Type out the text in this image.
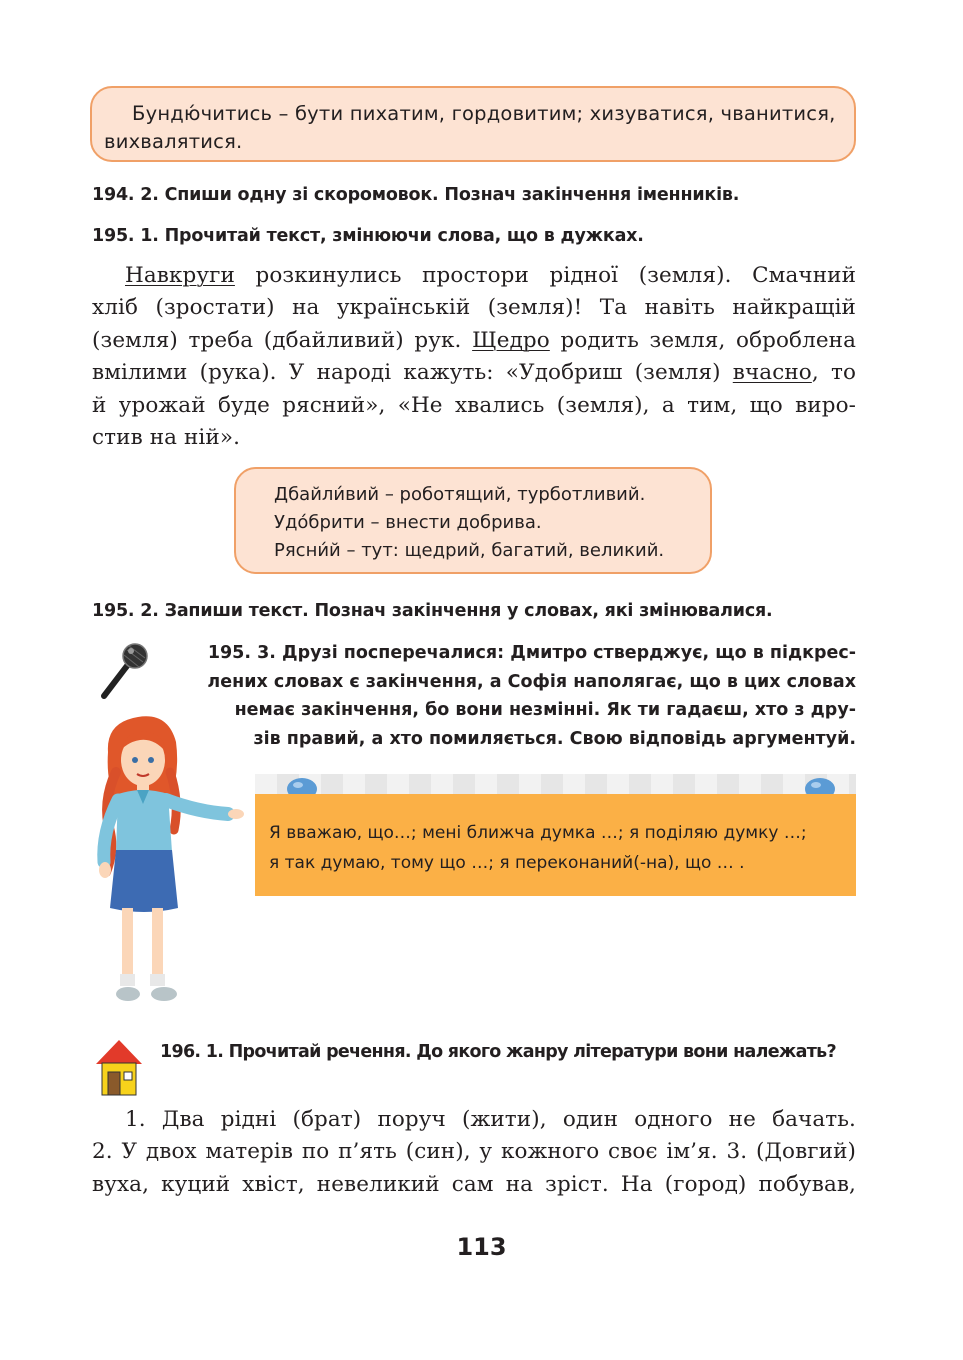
Бундю́читись – бути пихатим, гордовитим; хизуватися, чванитися,
вихвалятися.
194. 2. Спиши одну зі скоромовок. Познач закінчення іменників.
195. 1. Прочитай текст, змінюючи слова, що в дужках.
Навкруги розкинулись простори рідної (земля). Смачний
хліб (зростати) на українській (земля)! Та навіть найкращій
(земля) треба (дбайливий) рук. Щедро родить земля, оброблена
вмілими (рука). У народі кажуть: «Удобриш (земля) вчасно, то
й урожай буде рясний», «Не хвались (земля), а тим, що виро-
стив на ній».
Дбайли́вий – роботящий, турботливий.
Удо́брити – внести добрива.
Рясни́й – тут: щедрий, багатий, великий.
195. 2. Запиши текст. Познач закінчення у словах, які змінювалися.
195. 3. Друзі посперечалися: Дмитро стверджує, що в підкрес-
лених словах є закінчення, а Софія наполягає, що в цих словах
немає закінчення, бо вони незмінні. Як ти гадаєш, хто з дру-
зів правий, а хто помиляється. Свою відповідь аргументуй.
Я вважаю, що…; мені ближча думка …; я поділяю думку …;
я так думаю, тому що …; я переконаний(-на), що … .
196. 1. Прочитай речення. До якого жанру літератури вони належать?
1. Два рідні (брат) поруч (жити), один одного не бачать.
2. У двох матерів по п’ять (син), у кожного своє ім’я. 3. (Довгий)
вуха, куций хвіст, невеликий сам на зріст. На (город) побував,
113
